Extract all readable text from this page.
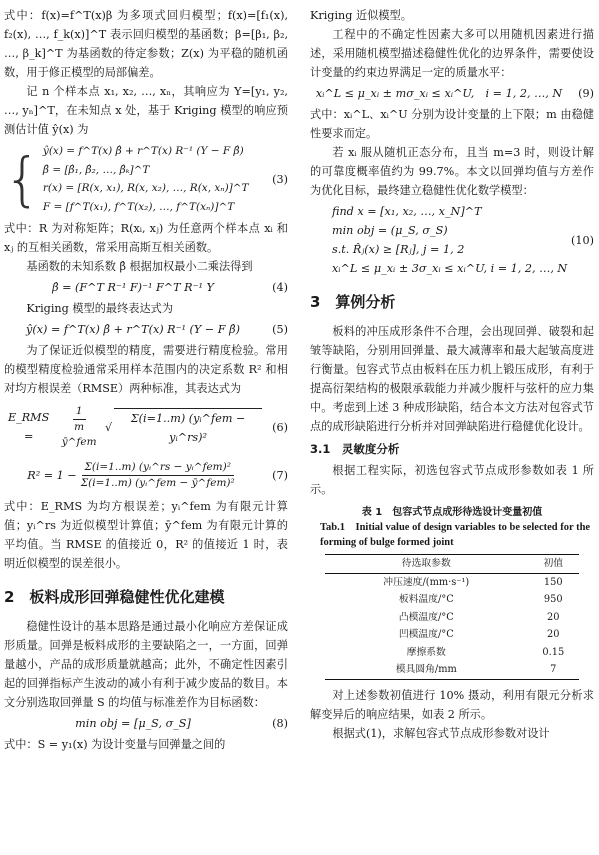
式中：f(x)=f^T(x)β 为多项式回归模型；f(x)=[f₁(x), f₂(x), …, f_k(x)]^T 表示回归模型的基函数；β=[β₁, β₂, …, β_k]^T 为基函数的待定参数；Z(x) 为平稳的随机函数，用于修正模型的局部偏差。

记 n 个样本点 x₁, x₂, …, xₙ，其响应为 Y=[y₁, y₂, …, yₙ]^T，在未知点 x 处，基于 Kriging 模型的响应预测估计值 ŷ(x) 为

{ ŷ(x) = f^T(x) β̂ + r^T(x) R⁻¹ (Y − F β̂)
β̂ = [β̂₁, β̂₂, …, β̂ₖ]^T
r(x) = [R(x, x₁), R(x, x₂), …, R(x, xₙ)]^T
F = [f^T(x₁), f^T(x₂), …, f^T(xₙ)]^T
(3)

式中：R 为对称矩阵；R(xᵢ, xⱼ) 为任意两个样本点 xᵢ 和 xⱼ 的互相关函数，常采用高斯互相关函数。

基函数的未知系数 β̂ 根据加权最小二乘法得到

β̂ = (F^T R⁻¹ F)⁻¹ F^T R⁻¹ Y	(4)

Kriging 模型的最终表达式为

ŷ(x) = f^T(x) β̂ + r^T(x) R⁻¹ (Y − F β̂)	(5)

为了保证近似模型的精度，需要进行精度检验。常用的模型精度检验通常采用样本范围内的决定系数 R² 和相对均方根误差（RMSE）两种标准，其表达式为

E_RMS =	$\frac{1}{\text{m ȳ\textasciicircum{}fem}}$ √
Σ(i=1..m) (yᵢ^fem − yᵢ^rs)²
(6)
$R^2 = 1 - \frac{\text{Σ(i=1..m) (yᵢ\textasciicircum{}rs − yᵢ\textasciicircum{}fem)²}}{\text{Σ(i=1..m) (yᵢ\textasciicircum{}fem − ȳ\textasciicircum{}fem)²}}$	(7)

式中：E_RMS 为均方根误差；yᵢ^fem 为有限元计算值；yᵢ^rs 为近似模型计算值；ȳ^fem 为有限元计算的平均值。当 RMSE 的值接近 0，R² 的值接近 1 时，表明近似模型的误差很小。

2　板料成形回弹稳健性优化建模

稳健性设计的基本思路是通过最小化响应方差保证成形质量。回弹是板料成形的主要缺陷之一，一方面，回弹量越小，产品的成形质量就越高；此外，不确定性因素引起的回弹指标产生波动的减小有利于减少废品的数目。本文分别选取回弹量 S 的均值与标准差作为目标函数：

min obj = [μ_S, σ_S]	(8)

式中：S = y₁(x) 为设计变量与回弹量之间的

Kriging 近似模型。

工程中的不确定性因素大多可以用随机因素进行描述，采用随机模型描述稳健性优化的边界条件，需要使设计变量的约束边界满足一定的质量水平：

xᵢ^L ≤ μ_xᵢ ± mσ_xᵢ ≤ xᵢ^U,　i = 1, 2, …, N	(9)

式中：xᵢ^L、xᵢ^U 分别为设计变量的上下限；m 由稳健性要求而定。

若 xᵢ 服从随机正态分布，且当 m=3 时，则设计解的可靠度概率值约为 99.7%。本文以回弹均值与方差作为优化目标，最终建立稳健性优化数学模型：

find x = [x₁, x₂, …, x_N]^T
min obj = (μ_S, σ_S)
s.t. R̂ⱼ(x) ≥ [Rⱼ], j = 1, 2
xᵢ^L ≤ μ_xᵢ ± 3σ_xᵢ ≤ xᵢ^U, i = 1, 2, …, N
(10)
3　算例分析

板料的冲压成形条件不合理，会出现回弹、破裂和起皱等缺陷，分别用回弹量、最大减薄率和最大起皱高度进行衡量。包容式节点由板料在压力机上锻压成形，有利于提高衍架结构的极限承载能力并减少腹杆与弦杆的应力集中。考虑到上述 3 种成形缺陷，结合本文方法对包容式节点的成形缺陷进行分析并对回弹缺陷进行稳健优化设计。

3.1　灵敏度分析

根据工程实际，初选包容式节点成形参数如表 1 所示。

表 1　包容式节点成形待选设计变量初值
Tab.1　Initial value of design variables to be selected for the forming of bulge formed joint
待选取参数	初值
冲压速度/(mm·s⁻¹)	150
板料温度/°C	950
凸模温度/°C	20
凹模温度/°C	20
摩擦系数	0.15
模具圆角/mm	7

对上述参数初值进行 10% 摄动，利用有限元分析求解变异后的响应结果，如表 2 所示。

根据式(1)，求解包容式节点成形参数对设计
